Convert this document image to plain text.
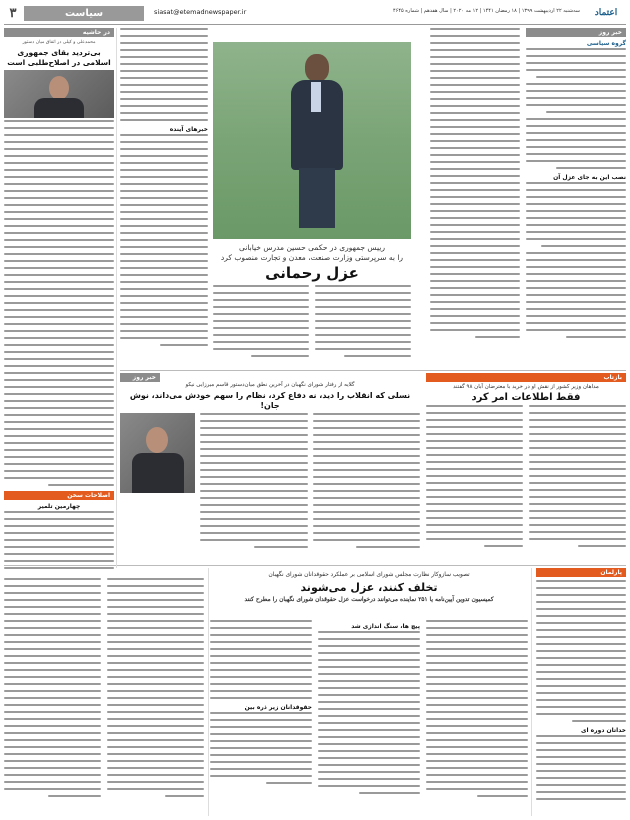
اعتماد
سه‌شنبه ۲۲ اردیبهشت ۱۳۹۹ | ۱۸ رمضان ۱۴۴۱ | ۱۲ مه ۲۰۲۰ | سال هفدهم | شماره ۴۶۴۵
siasat@etemadnewspaper.ir
سیاست
۳
خبر روز
گروه سیاسی
نصب این به جای عزل آن
رییس جمهوری در حکمی حسین مدرس خیابانی
را به سرپرستی وزارت صنعت، معدن و تجارت منصوب کرد
عزل رحمانی
خبرهای آینده
در حاشیه
محمدعلی و کیلی در اتفاق میان دستور
بی‌تردید بقای جمهوری اسلامی در اصلاح‌طلبی است
اصلاحات سخن
چهارمین تلمیر
بازتاب
مداهان وزیر کشور از نقش او در خرید با معترضان آبان ۹۸ گفتند
فقط اطلاعات امر کرد
خبر روز
گلایه از رفتار شورای نگهبان در آخرین نطق میان‌دستور قاسم میرزایی نیکو
نسلی که انقلاب را دید، نه دفاع کرد، نظام را سهم خودش می‌داند، نوش جان!
پارلمان
خداتان دوره ای
تصویب سازوکار نظارت مجلس شورای اسلامی بر عملکرد حقوقدانان شورای نگهبان
تخلف کنند، عزل می‌شوند
کمیسیون تدوین آیین‌نامه یا ۲۵۱ نماینده می‌توانند درخواست عزل حقوقدان شورای نگهبان را مطرح کنند
پیچ ها، سنگ اندازی شد
حقوقدانان زیر ذره بین
